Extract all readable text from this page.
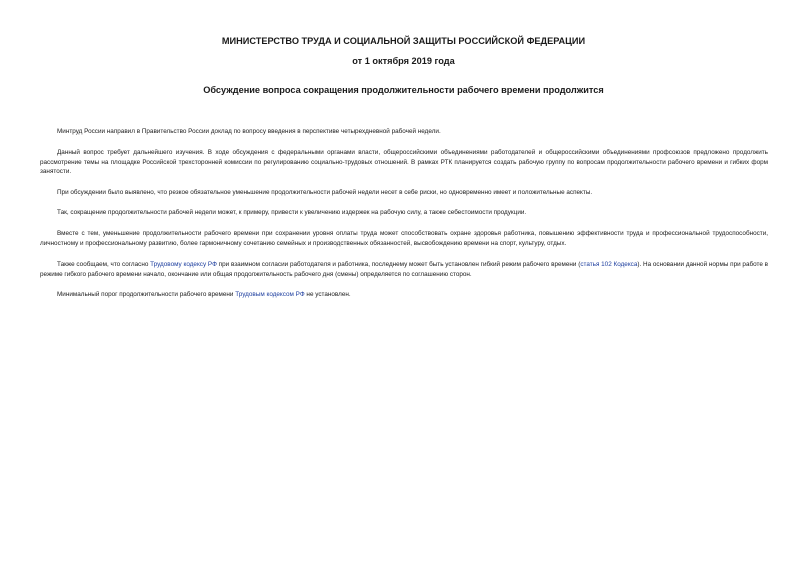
МИНИСТЕРСТВО ТРУДА И СОЦИАЛЬНОЙ ЗАЩИТЫ РОССИЙСКОЙ ФЕДЕРАЦИИ
от 1 октября 2019 года
Обсуждение вопроса сокращения продолжительности рабочего времени продолжится

Минтруд России направил в Правительство России доклад по вопросу введения в перспективе четырехдневной рабочей недели.

Данный вопрос требует дальнейшего изучения. В ходе обсуждения с федеральными органами власти, общероссийскими объединениями работодателей и общероссийскими объединениями профсоюзов предложено продолжить рассмотрение темы на площадке Российской трехсторонней комиссии по регулированию социально-трудовых отношений. В рамках РТК планируется создать рабочую группу по вопросам продолжительности рабочего времени и гибких форм занятости.

При обсуждении было выявлено, что резкое обязательное уменьшение продолжительности рабочей недели несет в себе риски, но одновременно имеет и положительные аспекты.

Так, сокращение продолжительности рабочей недели может, к примеру, привести к увеличению издержек на рабочую силу, а также себестоимости продукции.

Вместе с тем, уменьшение продолжительности рабочего времени при сохранении уровня оплаты труда может способствовать охране здоровья работника, повышению эффективности труда и профессиональной трудоспособности, личностному и профессиональному развитию, более гармоничному сочетанию семейных и производственных обязанностей, высвобождению времени на спорт, культуру, отдых.

Также сообщаем, что согласно Трудовому кодексу РФ при взаимном согласии работодателя и работника, последнему может быть установлен гибкий режим рабочего времени (статья 102 Кодекса). На основании данной нормы при работе в режиме гибкого рабочего времени начало, окончание или общая продолжительность рабочего дня (смены) определяется по соглашению сторон.

Минимальный порог продолжительности рабочего времени Трудовым кодексом РФ не установлен.
